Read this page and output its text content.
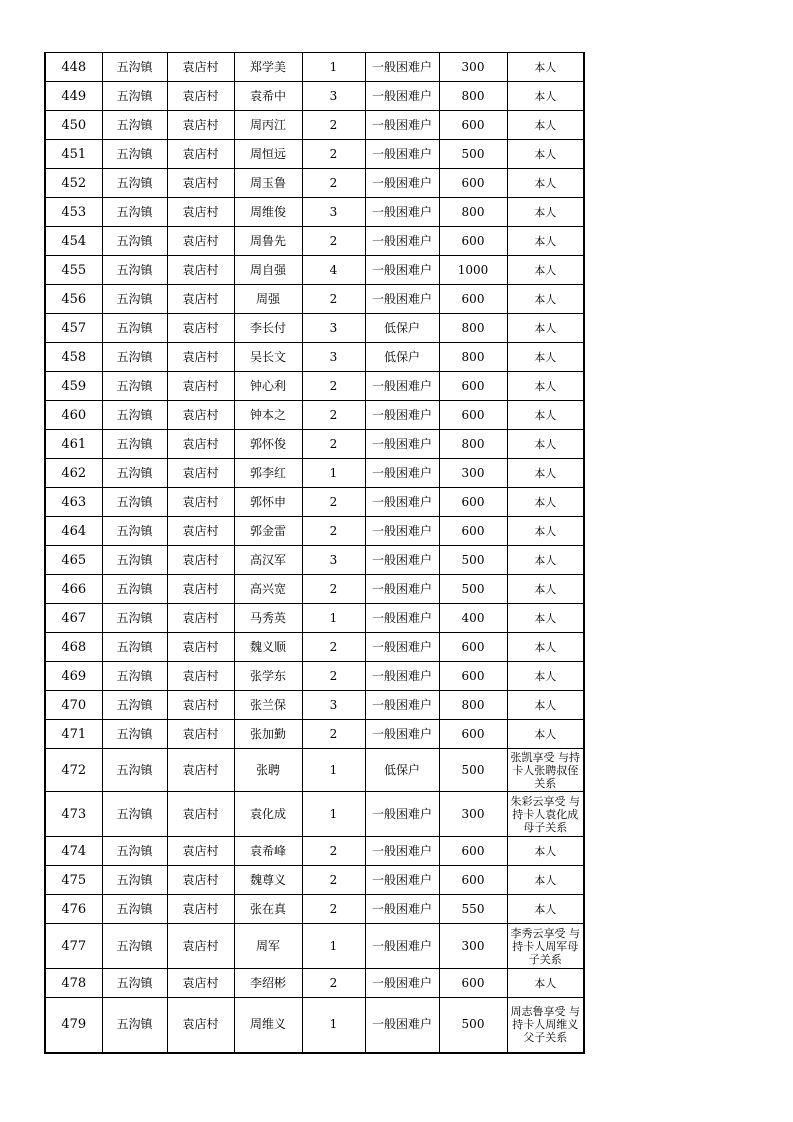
448	五沟镇	袁店村	郑学美	1	一般困难户	300	本人
449	五沟镇	袁店村	袁希中	3	一般困难户	800	本人
450	五沟镇	袁店村	周丙江	2	一般困难户	600	本人
451	五沟镇	袁店村	周恒远	2	一般困难户	500	本人
452	五沟镇	袁店村	周玉鲁	2	一般困难户	600	本人
453	五沟镇	袁店村	周维俊	3	一般困难户	800	本人
454	五沟镇	袁店村	周鲁先	2	一般困难户	600	本人
455	五沟镇	袁店村	周自强	4	一般困难户	1000	本人
456	五沟镇	袁店村	周强	2	一般困难户	600	本人
457	五沟镇	袁店村	李长付	3	低保户	800	本人
458	五沟镇	袁店村	吴长文	3	低保户	800	本人
459	五沟镇	袁店村	钟心利	2	一般困难户	600	本人
460	五沟镇	袁店村	钟本之	2	一般困难户	600	本人
461	五沟镇	袁店村	郭怀俊	2	一般困难户	800	本人
462	五沟镇	袁店村	郭李红	1	一般困难户	300	本人
463	五沟镇	袁店村	郭怀申	2	一般困难户	600	本人
464	五沟镇	袁店村	郭金雷	2	一般困难户	600	本人
465	五沟镇	袁店村	高汉军	3	一般困难户	500	本人
466	五沟镇	袁店村	高兴宽	2	一般困难户	500	本人
467	五沟镇	袁店村	马秀英	1	一般困难户	400	本人
468	五沟镇	袁店村	魏义顺	2	一般困难户	600	本人
469	五沟镇	袁店村	张学东	2	一般困难户	600	本人
470	五沟镇	袁店村	张兰保	3	一般困难户	800	本人
471	五沟镇	袁店村	张加勤	2	一般困难户	600	本人
472	五沟镇	袁店村	张聘	1	低保户	500	张凯享受 与持卡人张聘叔侄关系
473	五沟镇	袁店村	袁化成	1	一般困难户	300	朱彩云享受 与持卡人袁化成母子关系
474	五沟镇	袁店村	袁希峰	2	一般困难户	600	本人
475	五沟镇	袁店村	魏尊义	2	一般困难户	600	本人
476	五沟镇	袁店村	张在真	2	一般困难户	550	本人
477	五沟镇	袁店村	周军	1	一般困难户	300	李秀云享受 与持卡人周军母子关系
478	五沟镇	袁店村	李绍彬	2	一般困难户	600	本人
479	五沟镇	袁店村	周维义	1	一般困难户	500	周志鲁享受 与持卡人周维义父子关系
